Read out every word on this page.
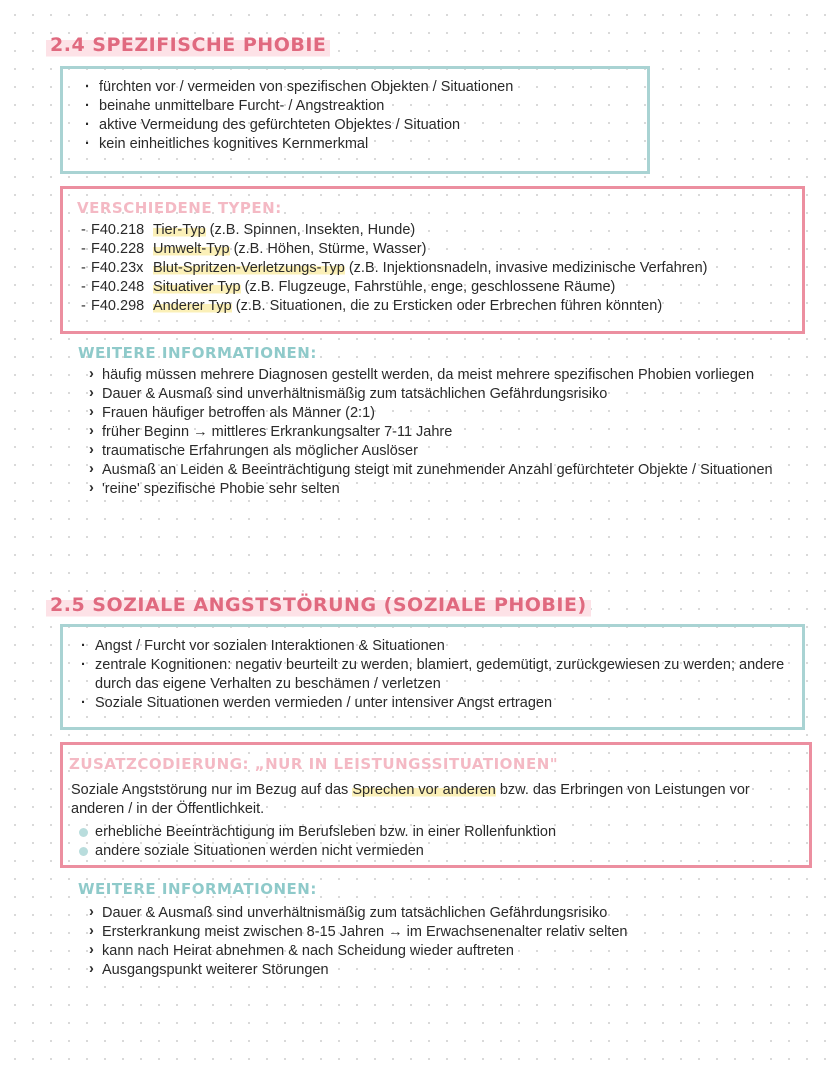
2.4 SPEZIFISCHE PHOBIE
· fürchten vor / vermeiden von spezifischen Objekten / Situationen
· beinahe unmittelbare Furcht- / Angstreaktion
· aktive Vermeidung des gefürchteten Objektes / Situation
· kein einheitliches kognitives Kernmerkmal
VERSCHIEDENE TYPEN:
- F40.218 Tier-Typ (z.B. Spinnen, Insekten, Hunde)
- F40.228 Umwelt-Typ (z.B. Höhen, Stürme, Wasser)
- F40.23x Blut-Spritzen-Verletzungs-Typ (z.B. Injektionsnadeln, invasive medizinische Verfahren)
- F40.248 Situativer Typ (z.B. Flugzeuge, Fahrstühle, enge, geschlossene Räume)
- F40.298 Anderer Typ (z.B. Situationen, die zu Ersticken oder Erbrechen führen könnten)
WEITERE INFORMATIONEN:
› häufig müssen mehrere Diagnosen gestellt werden, da meist mehrere spezifischen Phobien vorliegen
› Dauer & Ausmaß sind unverhältnismäßig zum tatsächlichen Gefährdungsrisiko
› Frauen häufiger betroffen als Männer (2:1)
› früher Beginn → mittleres Erkrankungsalter 7-11 Jahre
› traumatische Erfahrungen als möglicher Auslöser
› Ausmaß an Leiden & Beeinträchtigung steigt mit zunehmender Anzahl gefürchteter Objekte / Situationen
› 'reine' spezifische Phobie sehr selten
2.5 SOZIALE ANGSTSTÖRUNG (SOZIALE PHOBIE)
· Angst / Furcht vor sozialen Interaktionen & Situationen
· zentrale Kognitionen: negativ beurteilt zu werden, blamiert, gedemütigt, zurückgewiesen zu werden; andere durch das eigene Verhalten zu beschämen / verletzen
· Soziale Situationen werden vermieden / unter intensiver Angst ertragen
ZUSATZCODIERUNG: „NUR IN LEISTUNGSSITUATIONEN"
Soziale Angststörung nur im Bezug auf das Sprechen vor anderen bzw. das Erbringen von Leistungen vor anderen / in der Öffentlichkeit.
erhebliche Beeinträchtigung im Berufsleben bzw. in einer Rollenfunktion
andere soziale Situationen werden nicht vermieden
WEITERE INFORMATIONEN:
› Dauer & Ausmaß sind unverhältnismäßig zum tatsächlichen Gefährdungsrisiko
› Ersterkrankung meist zwischen 8-15 Jahren → im Erwachsenenalter relativ selten
› kann nach Heirat abnehmen & nach Scheidung wieder auftreten
› Ausgangspunkt weiterer Störungen
